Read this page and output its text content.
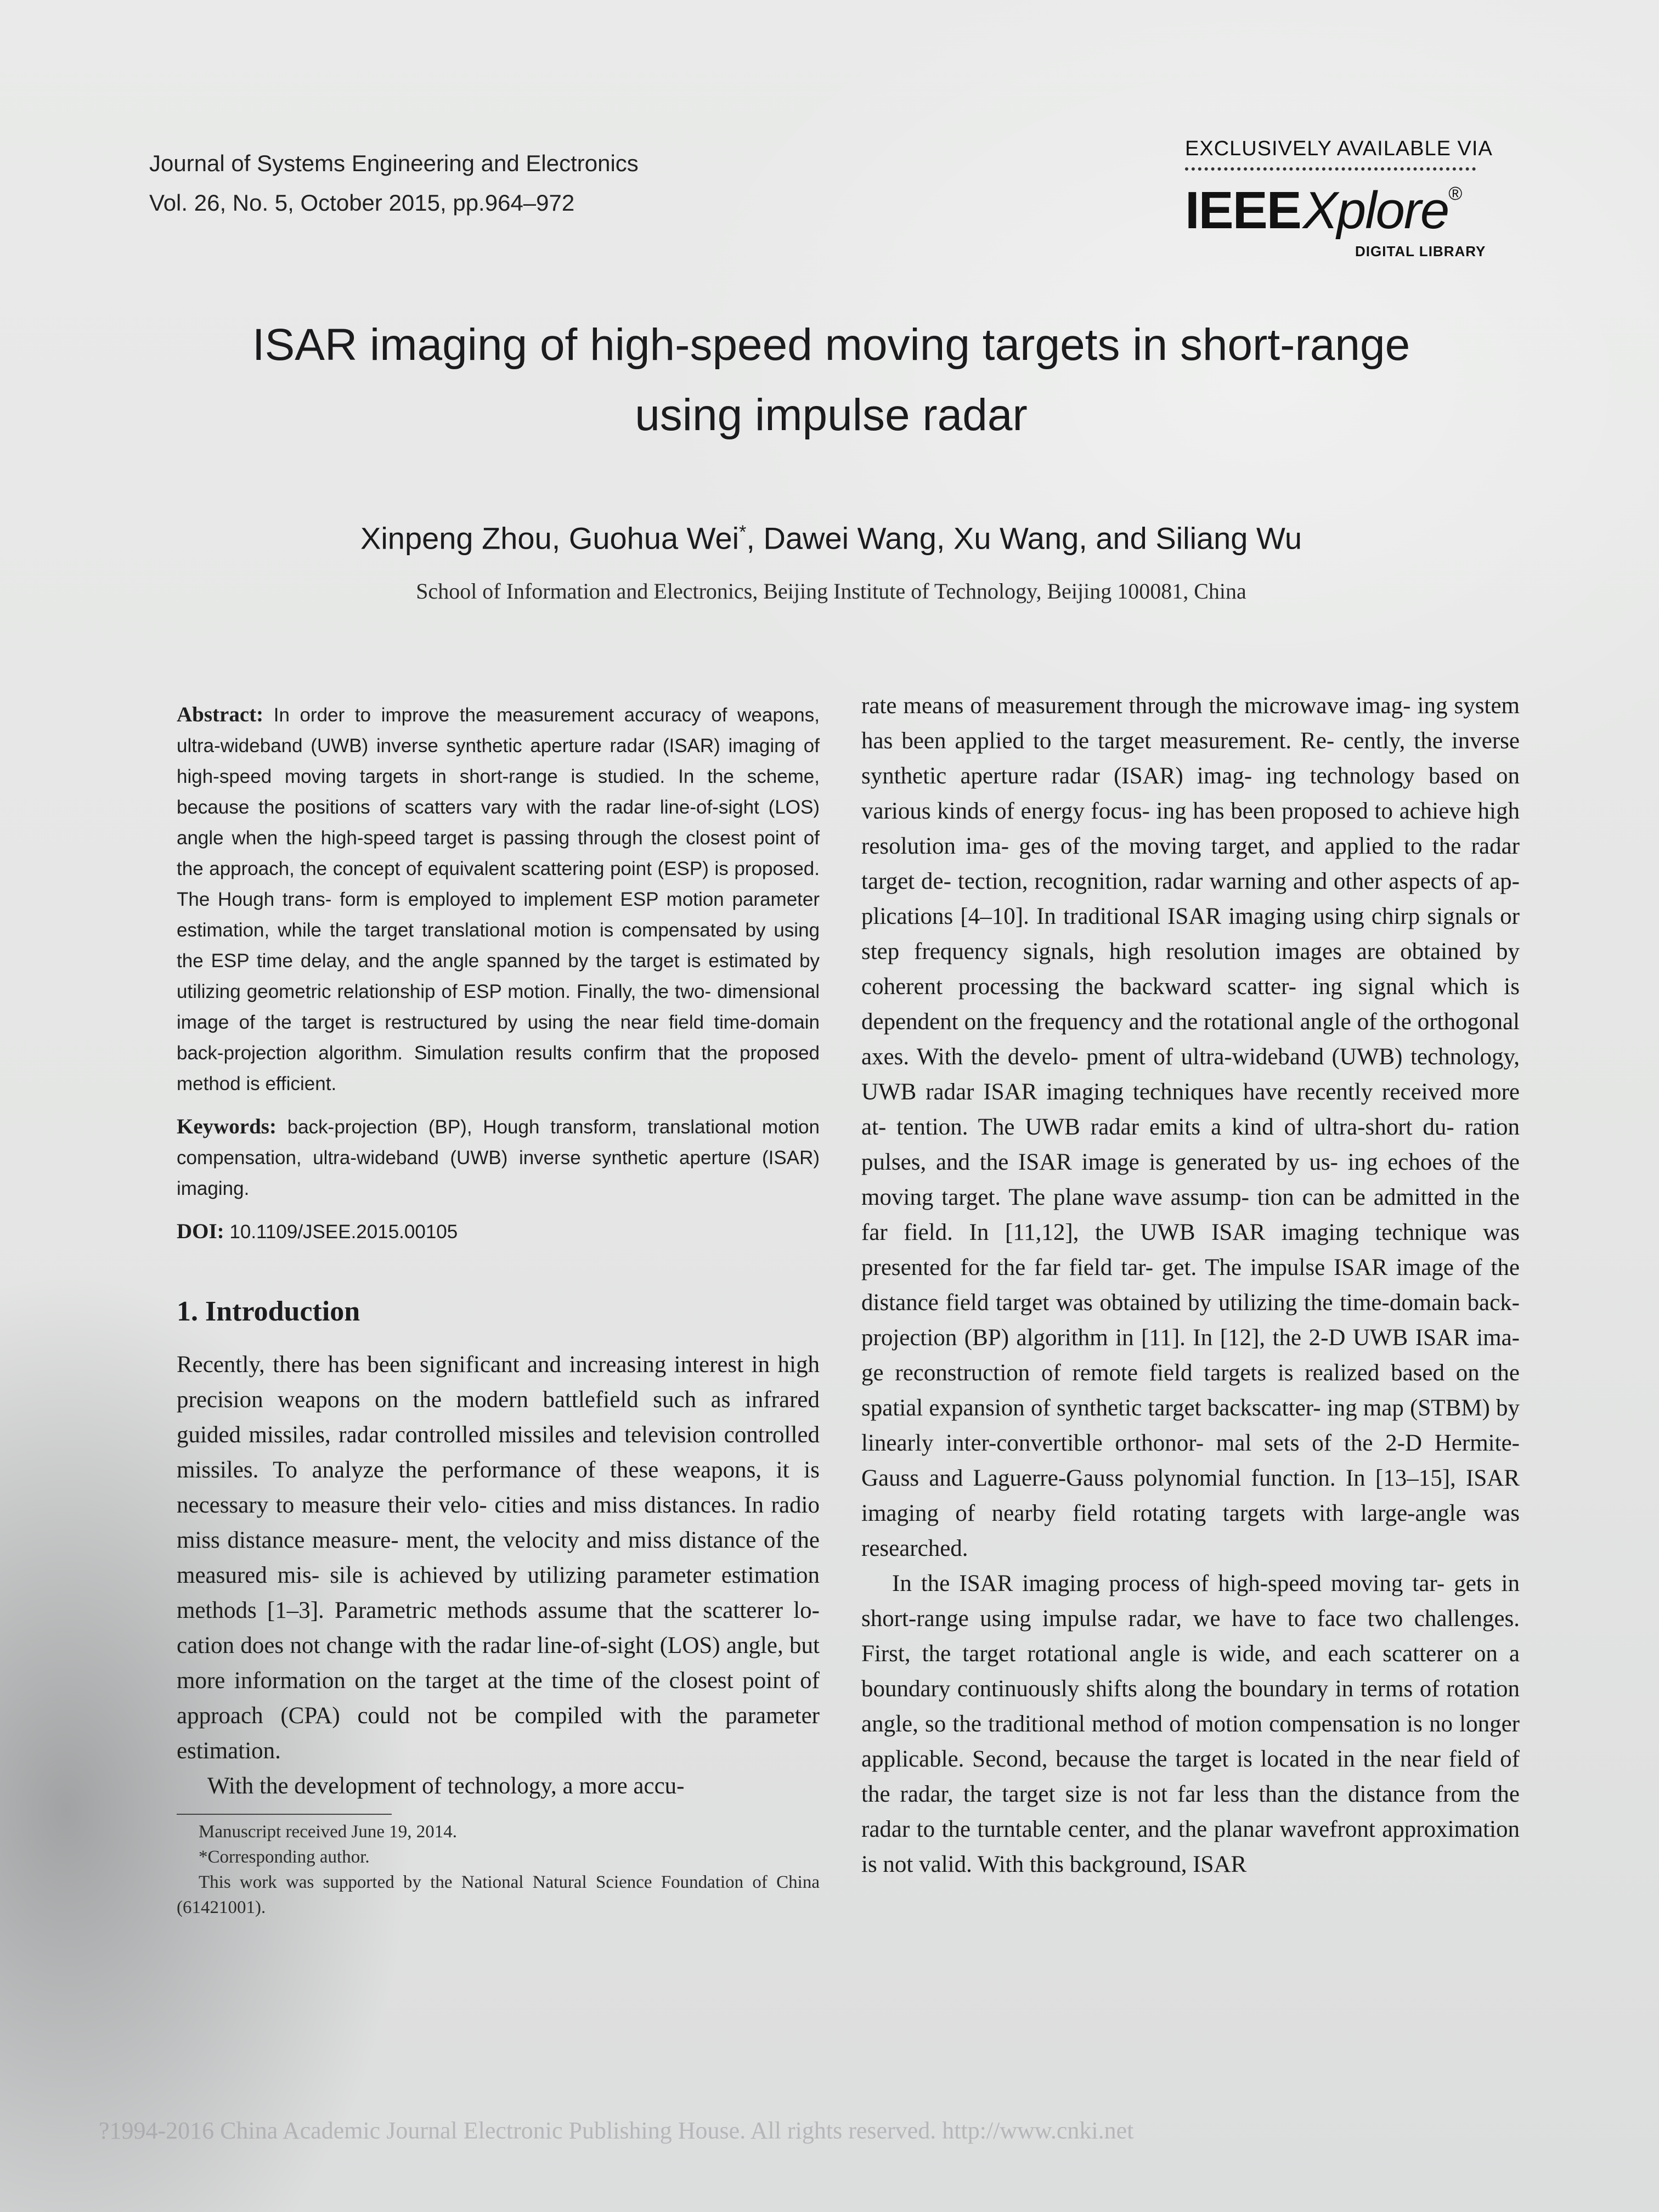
Journal of Systems Engineering and Electronics
Vol. 26, No. 5, October 2015, pp.964–972
EXCLUSIVELY AVAILABLE VIA
IEEE Xplore®
DIGITAL LIBRARY
ISAR imaging of high-speed moving targets in short-range
using impulse radar
Xinpeng Zhou, Guohua Wei*, Dawei Wang, Xu Wang, and Siliang Wu
School of Information and Electronics, Beijing Institute of Technology, Beijing 100081, China

Abstract: In order to improve the measurement accuracy of weapons, ultra-wideband (UWB) inverse synthetic aperture radar (ISAR) imaging of high-speed moving targets in short-range is studied. In the scheme, because the positions of scatters vary with the radar line-of-sight (LOS) angle when the high-speed target is passing through the closest point of the approach, the concept of equivalent scattering point (ESP) is proposed. The Hough trans- form is employed to implement ESP motion parameter estimation, while the target translational motion is compensated by using the ESP time delay, and the angle spanned by the target is estimated by utilizing geometric relationship of ESP motion. Finally, the two- dimensional image of the target is restructured by using the near field time-domain back-projection algorithm. Simulation results confirm that the proposed method is efficient.

Keywords: back-projection (BP), Hough transform, translational motion compensation, ultra-wideband (UWB) inverse synthetic aperture (ISAR) imaging.

DOI: 10.1109/JSEE.2015.00105

1. Introduction

Recently, there has been significant and increasing interest in high precision weapons on the modern battlefield such as infrared guided missiles, radar controlled missiles and television controlled missiles. To analyze the performance of these weapons, it is necessary to measure their velo- cities and miss distances. In radio miss distance measure- ment, the velocity and miss distance of the measured mis- sile is achieved by utilizing parameter estimation methods [1–3]. Parametric methods assume that the scatterer lo- cation does not change with the radar line-of-sight (LOS) angle, but more information on the target at the time of the closest point of approach (CPA) could not be compiled with the parameter estimation.

With the development of technology, a more accu-

Manuscript received June 19, 2014.

*Corresponding author.

This work was supported by the National Natural Science Foundation of China (61421001).

rate means of measurement through the microwave imag- ing system has been applied to the target measurement. Re- cently, the inverse synthetic aperture radar (ISAR) imag- ing technology based on various kinds of energy focus- ing has been proposed to achieve high resolution ima- ges of the moving target, and applied to the radar target de- tection, recognition, radar warning and other aspects of ap- plications [4–10]. In traditional ISAR imaging using chirp signals or step frequency signals, high resolution images are obtained by coherent processing the backward scatter- ing signal which is dependent on the frequency and the rotational angle of the orthogonal axes. With the develo- pment of ultra-wideband (UWB) technology, UWB radar ISAR imaging techniques have recently received more at- tention. The UWB radar emits a kind of ultra-short du- ration pulses, and the ISAR image is generated by us- ing echoes of the moving target. The plane wave assump- tion can be admitted in the far field. In [11,12], the UWB ISAR imaging technique was presented for the far field tar- get. The impulse ISAR image of the distance field target was obtained by utilizing the time-domain back-projection (BP) algorithm in [11]. In [12], the 2-D UWB ISAR ima- ge reconstruction of remote field targets is realized based on the spatial expansion of synthetic target backscatter- ing map (STBM) by linearly inter-convertible orthonor- mal sets of the 2-D Hermite-Gauss and Laguerre-Gauss polynomial function. In [13–15], ISAR imaging of nearby field rotating targets with large-angle was researched.

In the ISAR imaging process of high-speed moving tar- gets in short-range using impulse radar, we have to face two challenges. First, the target rotational angle is wide, and each scatterer on a boundary continuously shifts along the boundary in terms of rotation angle, so the traditional method of motion compensation is no longer applicable. Second, because the target is located in the near field of the radar, the target size is not far less than the distance from the radar to the turntable center, and the planar wavefront approximation is not valid. With this background, ISAR

?1994-2016 China Academic Journal Electronic Publishing House. All rights reserved. http://www.cnki.net
